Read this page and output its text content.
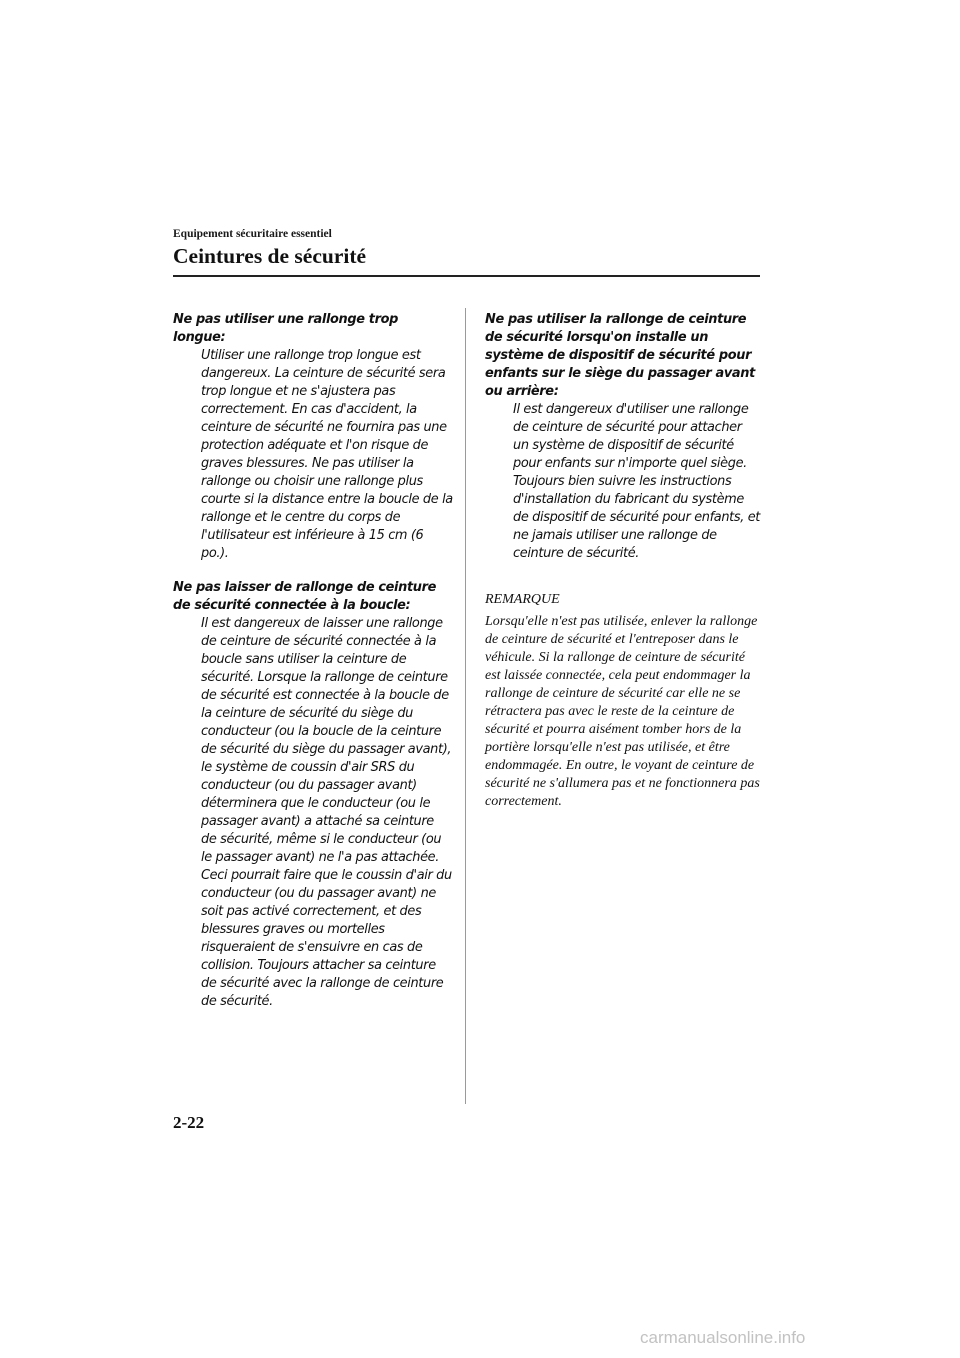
Equipement sécuritaire essentiel
Ceintures de sécurité

Ne pas utiliser une rallonge trop longue:

Utiliser une rallonge trop longue est dangereux. La ceinture de sécurité sera trop longue et ne s'ajustera pas correctement. En cas d'accident, la ceinture de sécurité ne fournira pas une protection adéquate et l'on risque de graves blessures. Ne pas utiliser la rallonge ou choisir une rallonge plus courte si la distance entre la boucle de la rallonge et le centre du corps de l'utilisateur est inférieure à 15 cm (6 po.).

Ne pas laisser de rallonge de ceinture de sécurité connectée à la boucle:

Il est dangereux de laisser une rallonge de ceinture de sécurité connectée à la boucle sans utiliser la ceinture de sécurité. Lorsque la rallonge de ceinture de sécurité est connectée à la boucle de la ceinture de sécurité du siège du conducteur (ou la boucle de la ceinture de sécurité du siège du passager avant), le système de coussin d'air SRS du conducteur (ou du passager avant) déterminera que le conducteur (ou le passager avant) a attaché sa ceinture de sécurité, même si le conducteur (ou le passager avant) ne l'a pas attachée. Ceci pourrait faire que le coussin d'air du conducteur (ou du passager avant) ne soit pas activé correctement, et des blessures graves ou mortelles risqueraient de s'ensuivre en cas de collision. Toujours attacher sa ceinture de sécurité avec la rallonge de ceinture de sécurité.

Ne pas utiliser la rallonge de ceinture de sécurité lorsqu'on installe un système de dispositif de sécurité pour enfants sur le siège du passager avant ou arrière:

Il est dangereux d'utiliser une rallonge de ceinture de sécurité pour attacher un système de dispositif de sécurité pour enfants sur n'importe quel siège. Toujours bien suivre les instructions d'installation du fabricant du système de dispositif de sécurité pour enfants, et ne jamais utiliser une rallonge de ceinture de sécurité.

REMARQUE

Lorsqu'elle n'est pas utilisée, enlever la rallonge de ceinture de sécurité et l'entreposer dans le véhicule. Si la rallonge de ceinture de sécurité est laissée connectée, cela peut endommager la rallonge de ceinture de sécurité car elle ne se rétractera pas avec le reste de la ceinture de sécurité et pourra aisément tomber hors de la portière lorsqu'elle n'est pas utilisée, et être endommagée. En outre, le voyant de ceinture de sécurité ne s'allumera pas et ne fonctionnera pas correctement.

2-22
carmanualsonline.info
